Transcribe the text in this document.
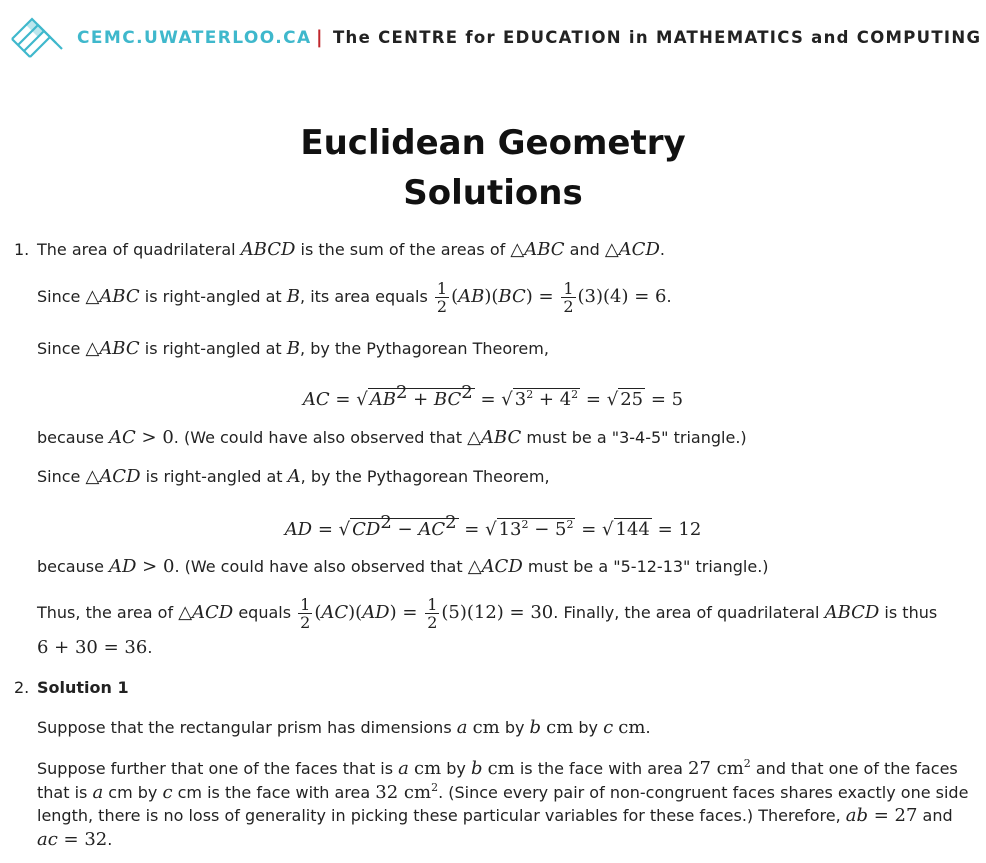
CEMC.UWATERLOO.CA | The CENTRE for EDUCATION in MATHEMATICS and COMPUTING
Euclidean Geometry
Solutions
1. The area of quadrilateral ABCD is the sum of the areas of △ABC and △ACD.
Since △ABC is right-angled at B, its area equals $\frac{1}{2} (AB)(BC) = \frac{1}{2} (3)(4) = 6$.
Since △ABC is right-angled at B, by the Pythagorean Theorem,
AC = √ $AB^2 + BC^2$ = √ $3^2 + 4^2$ = √ 25 = 5
because AC > 0. (We could have also observed that △ABC must be a "3-4-5" triangle.)
Since △ACD is right-angled at A, by the Pythagorean Theorem,
AD = √ $CD^2 - AC^2$ = √ $13^2 - 5^2$ = √ 144 = 12
because AD > 0. (We could have also observed that △ACD must be a "5-12-13" triangle.)
Thus, the area of △ACD equals $\frac{1}{2} (AC)(AD) = \frac{1}{2} (5)(12) = 30$. Finally, the area of quadrilateral ABCD is thus
6 + 30 = 36.
2. Solution 1
Suppose that the rectangular prism has dimensions a cm by b cm by c cm.
Suppose further that one of the faces that is a cm by b cm is the face with area 27 $cm^2$ and that one of the faces
that is a cm by c cm is the face with area 32 $cm^2$. (Since every pair of non-congruent faces shares exactly one side
length, there is no loss of generality in picking these particular variables for these faces.) Therefore, ab = 27 and
ac = 32.
